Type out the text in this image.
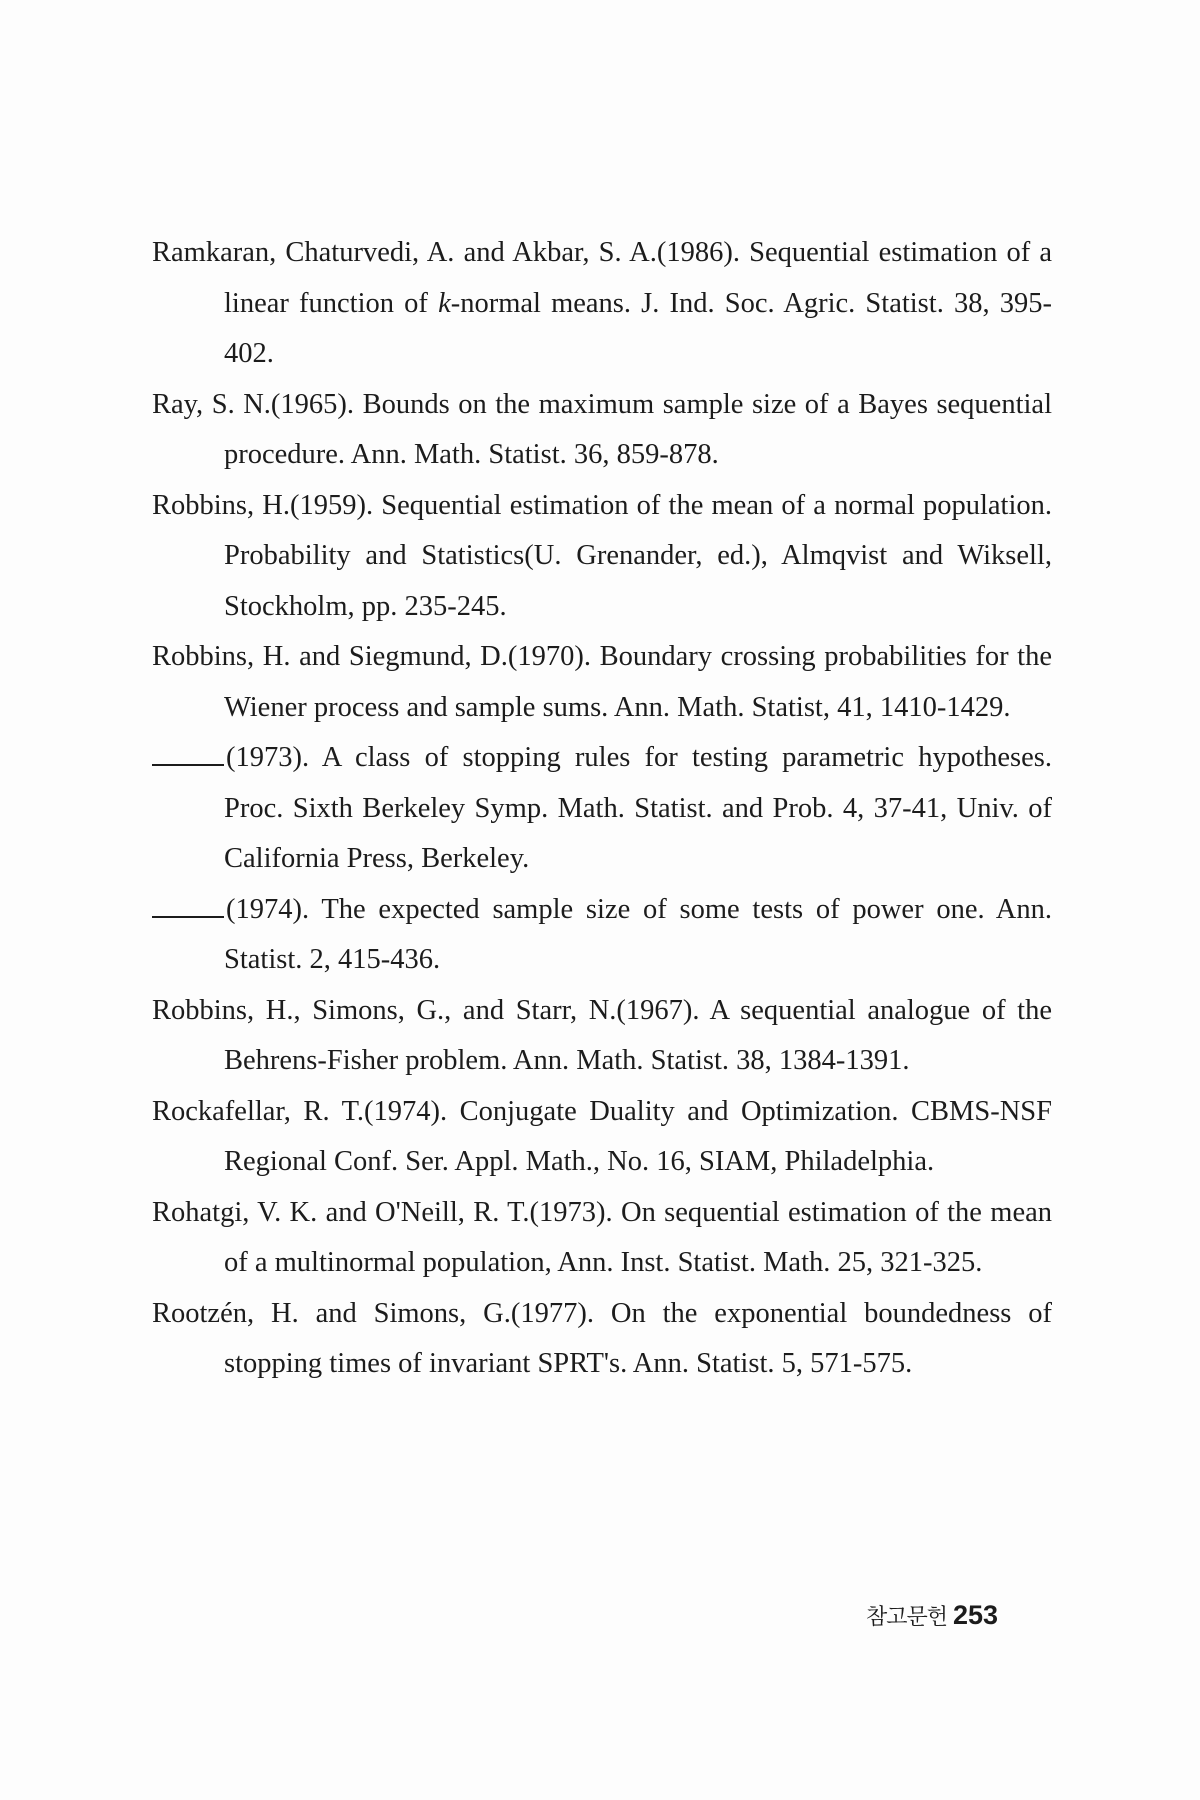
Ramkaran, Chaturvedi, A. and Akbar, S. A.(1986). Sequential estimation of a linear function of k-normal means. J. Ind. Soc. Agric. Statist. 38, 395-402.
Ray, S. N.(1965). Bounds on the maximum sample size of a Bayes sequential procedure. Ann. Math. Statist. 36, 859-878.
Robbins, H.(1959). Sequential estimation of the mean of a normal population. Probability and Statistics(U. Grenander, ed.), Almqvist and Wiksell, Stockholm, pp. 235-245.
Robbins, H. and Siegmund, D.(1970). Boundary crossing probabilities for the Wiener process and sample sums. Ann. Math. Statist, 41, 1410-1429.
(1973). A class of stopping rules for testing parametric hypotheses. Proc. Sixth Berkeley Symp. Math. Statist. and Prob. 4, 37-41, Univ. of California Press, Berkeley.
(1974). The expected sample size of some tests of power one. Ann. Statist. 2, 415-436.
Robbins, H., Simons, G., and Starr, N.(1967). A sequential analogue of the Behrens-Fisher problem. Ann. Math. Statist. 38, 1384-1391.
Rockafellar, R. T.(1974). Conjugate Duality and Optimization. CBMS-NSF Regional Conf. Ser. Appl. Math., No. 16, SIAM, Philadelphia.
Rohatgi, V. K. and O'Neill, R. T.(1973). On sequential estimation of the mean of a multinormal population, Ann. Inst. Statist. Math. 25, 321-325.
Rootzén, H. and Simons, G.(1977). On the exponential boundedness of stopping times of invariant SPRT's. Ann. Statist. 5, 571-575.
참고문헌 253
